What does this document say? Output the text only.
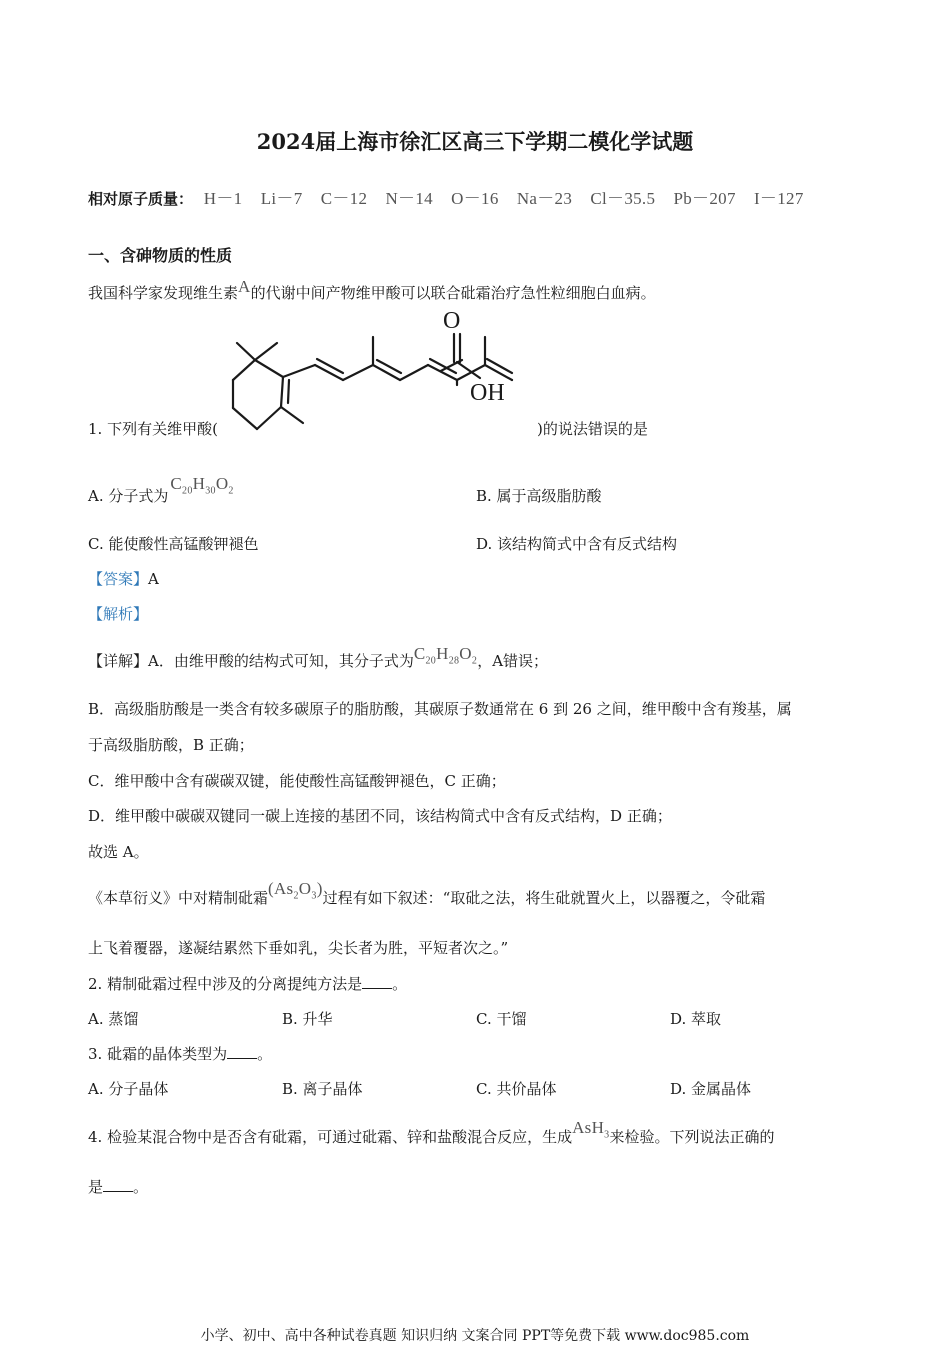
2024届上海市徐汇区高三下学期二模化学试题
相对原子质量： H－1 Li－7 C－12 N－14 O－16 Na－23 Cl－35.5 Pb－207 I－127
一、含砷物质的性质
我国科学家发现维生素A的代谢中间产物维甲酸可以联合砒霜治疗急性粒细胞白血病。
O
OH
1. 下列有关维甲酸(	)的说法错误的是
A. 分子式为$C_{20}H_{30}O_2$	B. 属于高级脂肪酸
C. 能使酸性高锰酸钾褪色	D. 该结构简式中含有反式结构
【答案】A
【解析】
【详解】A．由维甲酸的结构式可知，其分子式为$C_{20}H_{28}O_2$，A错误；
B．高级脂肪酸是一类含有较多碳原子的脂肪酸，其碳原子数通常在 6 到 26 之间，维甲酸中含有羧基，属
于高级脂肪酸，B 正确；
C．维甲酸中含有碳碳双键，能使酸性高锰酸钾褪色，C 正确；
D．维甲酸中碳碳双键同一碳上连接的基团不同，该结构简式中含有反式结构，D 正确；
故选 A。
《本草衍义》中对精制砒霜$(As_2O_3)$过程有如下叙述：“取砒之法，将生砒就置火上，以器覆之，令砒霜
上飞着覆器，遂凝结累然下垂如乳，尖长者为胜，平短者次之。”
2. 精制砒霜过程中涉及的分离提纯方法是 。
A. 蒸馏	B. 升华	C. 干馏	D. 萃取
3. 砒霜的晶体类型为 。
A. 分子晶体	B. 离子晶体	C. 共价晶体	D. 金属晶体
4. 检验某混合物中是否含有砒霜，可通过砒霜、锌和盐酸混合反应，生成AsH$_3$来检验。下列说法正确的
是 。
小学、初中、高中各种试卷真题 知识归纳 文案合同 PPT等免费下载 www.doc985.com
